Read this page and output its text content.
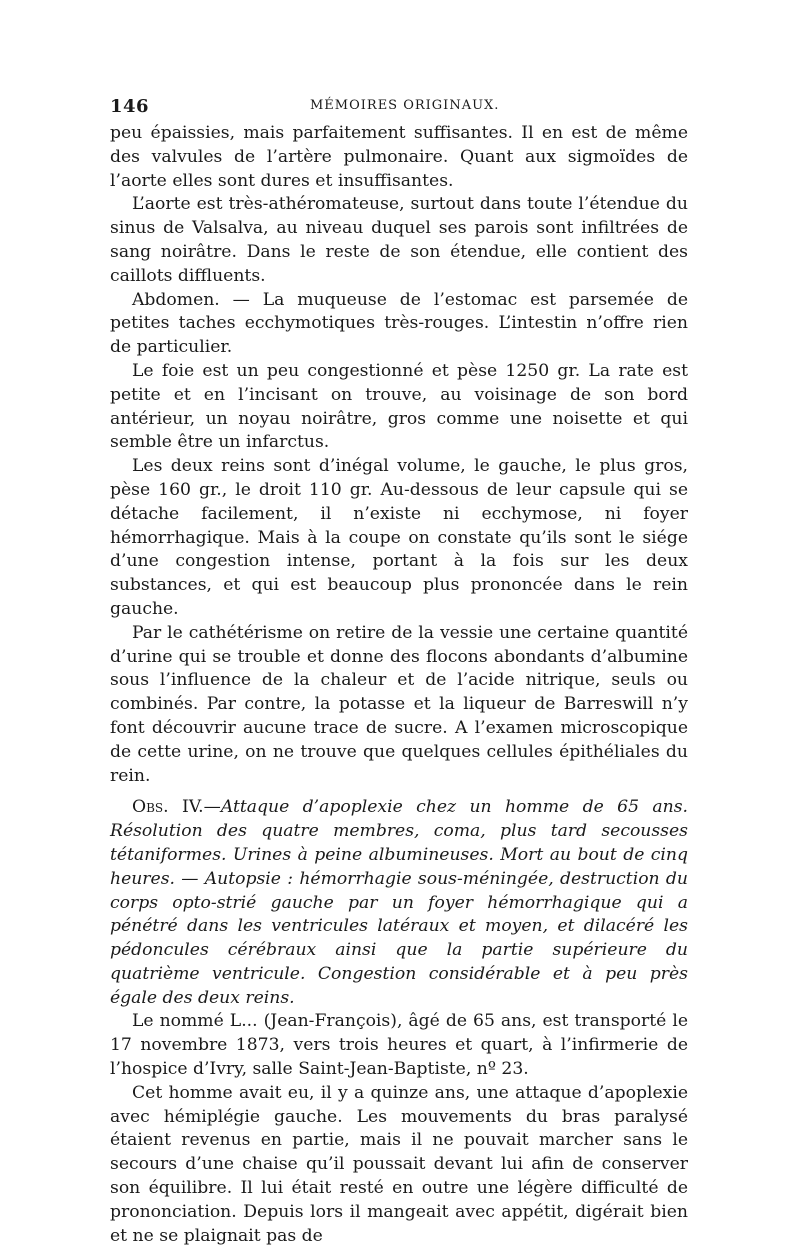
146	MÉMOIRES ORIGINAUX.

peu épaissies, mais parfaitement suffisantes. Il en est de même des valvules de l’artère pulmonaire. Quant aux sigmoïdes de l’aorte elles sont dures et insuffisantes.

L’aorte est très-athéromateuse, surtout dans toute l’étendue du sinus de Valsalva, au niveau duquel ses parois sont infiltrées de sang noirâtre. Dans le reste de son étendue, elle contient des caillots diffluents.

Abdomen. — La muqueuse de l’estomac est parsemée de petites taches ecchymotiques très-rouges. L’intestin n’offre rien de particulier.

Le foie est un peu congestionné et pèse 1250 gr. La rate est petite et en l’incisant on trouve, au voisinage de son bord antérieur, un noyau noirâtre, gros comme une noisette et qui semble être un infarctus.

Les deux reins sont d’inégal volume, le gauche, le plus gros, pèse 160 gr., le droit 110 gr. Au-dessous de leur capsule qui se détache facilement, il n’existe ni ecchymose, ni foyer hémorrhagique. Mais à la coupe on constate qu’ils sont le siége d’une congestion intense, portant à la fois sur les deux substances, et qui est beaucoup plus prononcée dans le rein gauche.

Par le cathétérisme on retire de la vessie une certaine quantité d’urine qui se trouble et donne des flocons abondants d’albumine sous l’influence de la chaleur et de l’acide nitrique, seuls ou combinés. Par contre, la potasse et la liqueur de Barreswill n’y font découvrir aucune trace de sucre. A l’examen microscopique de cette urine, on ne trouve que quelques cellules épithéliales du rein.

Obs. IV.—Attaque d’apoplexie chez un homme de 65 ans. Résolution des quatre membres, coma, plus tard secousses tétaniformes. Urines à peine albumineuses. Mort au bout de cinq heures. — Autopsie : hémorrhagie sous-méningée, destruction du corps opto-strié gauche par un foyer hémorrhagique qui a pénétré dans les ventricules latéraux et moyen, et dilacéré les pédoncules cérébraux ainsi que la partie supérieure du quatrième ventricule. Congestion considérable et à peu près égale des deux reins.

Le nommé L... (Jean-François), âgé de 65 ans, est transporté le 17 novembre 1873, vers trois heures et quart, à l’infirmerie de l’hospice d’Ivry, salle Saint-Jean-Baptiste, nº 23.

Cet homme avait eu, il y a quinze ans, une attaque d’apoplexie avec hémiplégie gauche. Les mouvements du bras paralysé étaient revenus en partie, mais il ne pouvait marcher sans le secours d’une chaise qu’il poussait devant lui afin de conserver son équilibre. Il lui était resté en outre une légère difficulté de prononciation. Depuis lors il mangeait avec appétit, digérait bien et ne se plaignait pas de
